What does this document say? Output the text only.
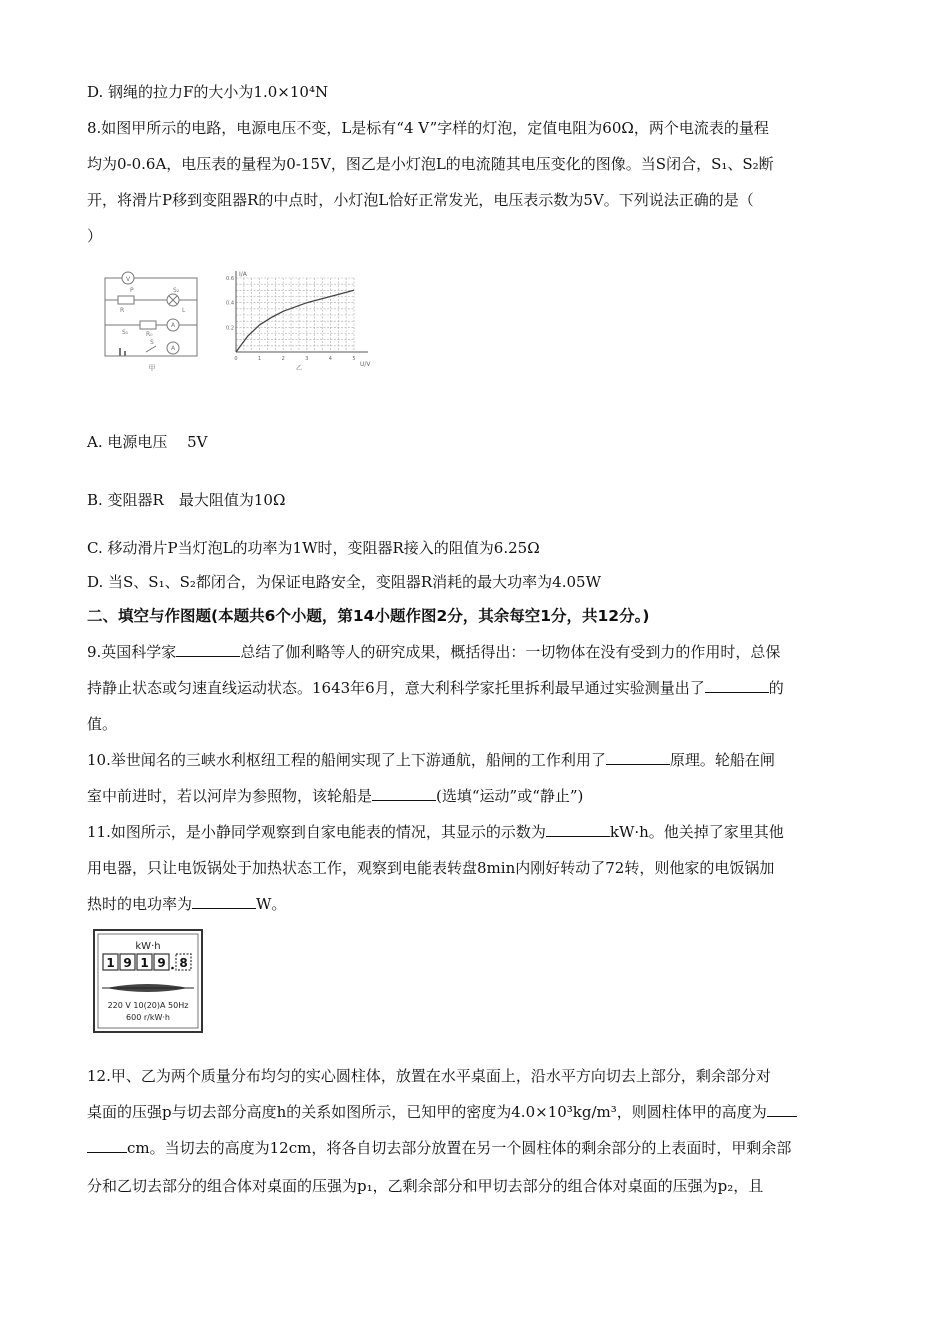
D. 钢绳的拉力F的大小为1.0×10⁴N
8.如图甲所示的电路，电源电压不变，L是标有“4 V”字样的灯泡，定值电阻为60Ω，两个电流表的量程
均为0-0.6A，电压表的量程为0-15V，图乙是小灯泡L的电流随其电压变化的图像。当S闭合，S₁、S₂断
开，将滑片P移到变阻器R的中点时，小灯泡L恰好正常发光，电压表示数为5V。下列说法正确的是（
）
V
S₂
R
P
L
A
S₁	R₀
A
S
甲
I/A
U/V
0.6
0.4
0.2
0	1	2	3	4	5
乙
A. 电源电压　 5V
B. 变阻器R　最大阻值为10Ω
C. 移动滑片P当灯泡L的功率为1W时，变阻器R接入的阻值为6.25Ω
D. 当S、S₁、S₂都闭合，为保证电路安全，变阻器R消耗的最大功率为4.05W
二、填空与作图题(本题共6个小题，第14小题作图2分，其余每空1分，共12分。)
9.英国科学家	总结了伽利略等人的研究成果，概括得出：一切物体在没有受到力的作用时，总保
持静止状态或匀速直线运动状态。1643年6月，意大利科学家托里拆利最早通过实验测量出了	的
值。
10.举世闻名的三峡水利枢纽工程的船闸实现了上下游通航，船闸的工作利用了	原理。轮船在闸
室中前进时，若以河岸为参照物，该轮船是	(选填“运动”或“静止”)
11.如图所示，是小静同学观察到自家电能表的情况，其显示的示数为	kW·h。他关掉了家里其他
用电器，只让电饭锅处于加热状态工作，观察到电能表转盘8min内刚好转动了72转，则他家的电饭锅加
热时的电功率为	W。
kW·h
1 9 1 9 8
220 V 10(20)A 50Hz
600 r/kW·h
12.甲、乙为两个质量分布均匀的实心圆柱体，放置在水平桌面上，沿水平方向切去上部分，剩余部分对
桌面的压强p与切去部分高度h的关系如图所示，已知甲的密度为4.0×10³kg/m³，则圆柱体甲的高度为
cm。当切去的高度为12cm，将各自切去部分放置在另一个圆柱体的剩余部分的上表面时，甲剩余部
分和乙切去部分的组合体对桌面的压强为p₁，乙剩余部分和甲切去部分的组合体对桌面的压强为p₂，且
